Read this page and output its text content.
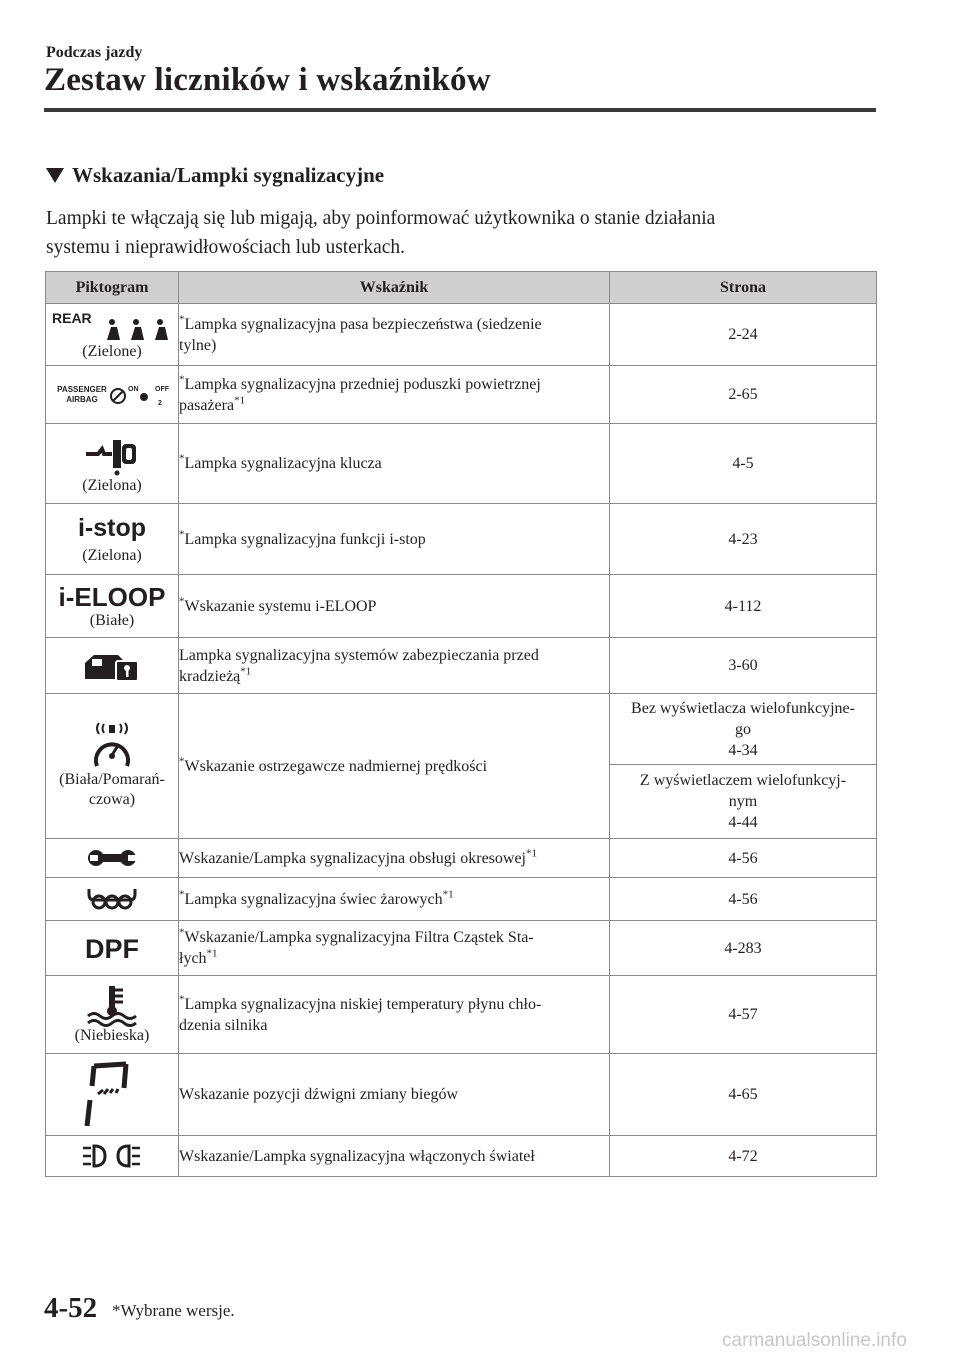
Podczas jazdy
Zestaw liczników i wskaźników
Wskazania/Lampki sygnalizacyjne
Lampki te włączają się lub migają, aby poinformować użytkownika o stanie działania
systemu i nieprawidłowościach lub usterkach.
Piktogram	Wskaźnik	Strona

REAR
(Zielone)	*Lampka sygnalizacyjna pasa bezpieczeństwa (siedzenie
tylne)	2-24

PASSENGER
AIRBAG
ON OFF
2	*Lampka sygnalizacyjna przedniej poduszki powietrznej
pasażera$^{*1}$	2-65

(Zielona)	*Lampka sygnalizacyjna klucza	4-5

i-stop
(Zielona)	*Lampka sygnalizacyjna funkcji i-stop	4-23

i-ELOOP
(Białe)	*Wskazanie systemu i-ELOOP	4-112

	Lampka sygnalizacyjna systemów zabezpieczania przed
kradzieżą$^{*1}$	3-60

(Biała/Pomarań-
czowa)	*Wskazanie ostrzegawcze nadmiernej prędkości	Bez wyświetlacza wielofunkcyjne-
go
4-34
		Z wyświetlaczem wielofunkcyj-
nym
4-44

	Wskazanie/Lampka sygnalizacyjna obsługi okresowej$^{*1}$	4-56

	*Lampka sygnalizacyjna świec żarowych$^{*1}$	4-56

DPF	*Wskazanie/Lampka sygnalizacyjna Filtra Cząstek Sta-
łych$^{*1}$	4-283

(Niebieska)	*Lampka sygnalizacyjna niskiej temperatury płynu chło-
dzenia silnika	4-57

	Wskazanie pozycji dźwigni zmiany biegów	4-65

	Wskazanie/Lampka sygnalizacyjna włączonych świateł	4-72
4-52 *Wybrane wersje.
carmanualsonline.info
